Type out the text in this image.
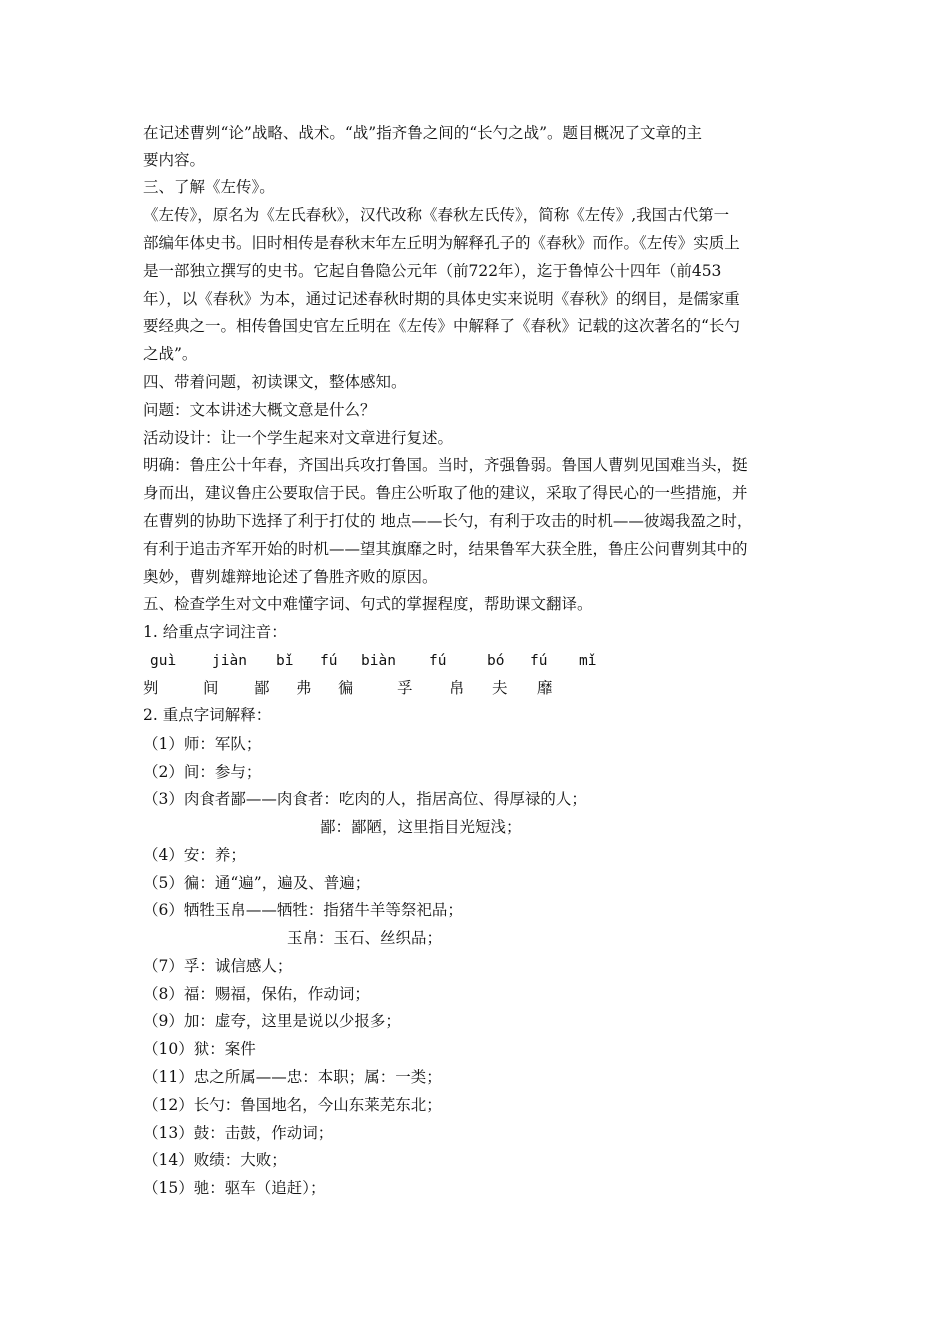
在记述曹刿“论”战略、战术。“战”指齐鲁之间的“长勺之战”。题目概况了文章的主
要内容。
三、了解《左传》。
《左传》，原名为《左氏春秋》，汉代改称《春秋左氏传》，简称《左传》,我国古代第一
部编年体史书。旧时相传是春秋末年左丘明为解释孔子的《春秋》而作。《左传》实质上
是一部独立撰写的史书。它起自鲁隐公元年（前722年），迄于鲁悼公十四年（前453
年），以《春秋》为本，通过记述春秋时期的具体史实来说明《春秋》的纲目，是儒家重
要经典之一。相传鲁国史官左丘明在《左传》中解释了《春秋》记载的这次著名的“长勺
之战”。
四、带着问题，初读课文，整体感知。
问题：文本讲述大概文意是什么？
活动设计：让一个学生起来对文章进行复述。
明确：鲁庄公十年春，齐国出兵攻打鲁国。当时，齐强鲁弱。鲁国人曹刿见国难当头，挺
身而出，建议鲁庄公要取信于民。鲁庄公听取了他的建议，采取了得民心的一些措施，并
在曹刿的协助下选择了利于打仗的 地点——长勺，有利于攻击的时机——彼竭我盈之时，
有利于追击齐军开始的时机——望其旗靡之时，结果鲁军大获全胜，鲁庄公问曹刿其中的
奥妙，曹刿雄辩地论述了鲁胜齐败的原因。
五、检查学生对文中难懂字词、句式的掌握程度，帮助课文翻译。
1. 给重点字词注音：
guì jiàn bǐ fú biàn fú	bó fú mǐ
刿	间 鄙 弗 徧	孚 帛 夫 靡
2. 重点字词解释：
（1）师：军队；
（2）间：参与；
（3）肉食者鄙——肉食者：吃肉的人，指居高位、得厚禄的人；
鄙：鄙陋，这里指目光短浅；
（4）安：养；
（5）徧：通“遍”，遍及、普遍；
（6）牺牲玉帛——牺牲：指猪牛羊等祭祀品；
玉帛：玉石、丝织品；
（7）孚：诚信感人；
（8）福：赐福，保佑，作动词；
（9）加：虚夸，这里是说以少报多；
（10）狱：案件
（11）忠之所属——忠：本职；属：一类；
（12）长勺：鲁国地名，今山东莱芜东北；
（13）鼓：击鼓，作动词；
（14）败绩：大败；
（15）驰：驱车（追赶）；
